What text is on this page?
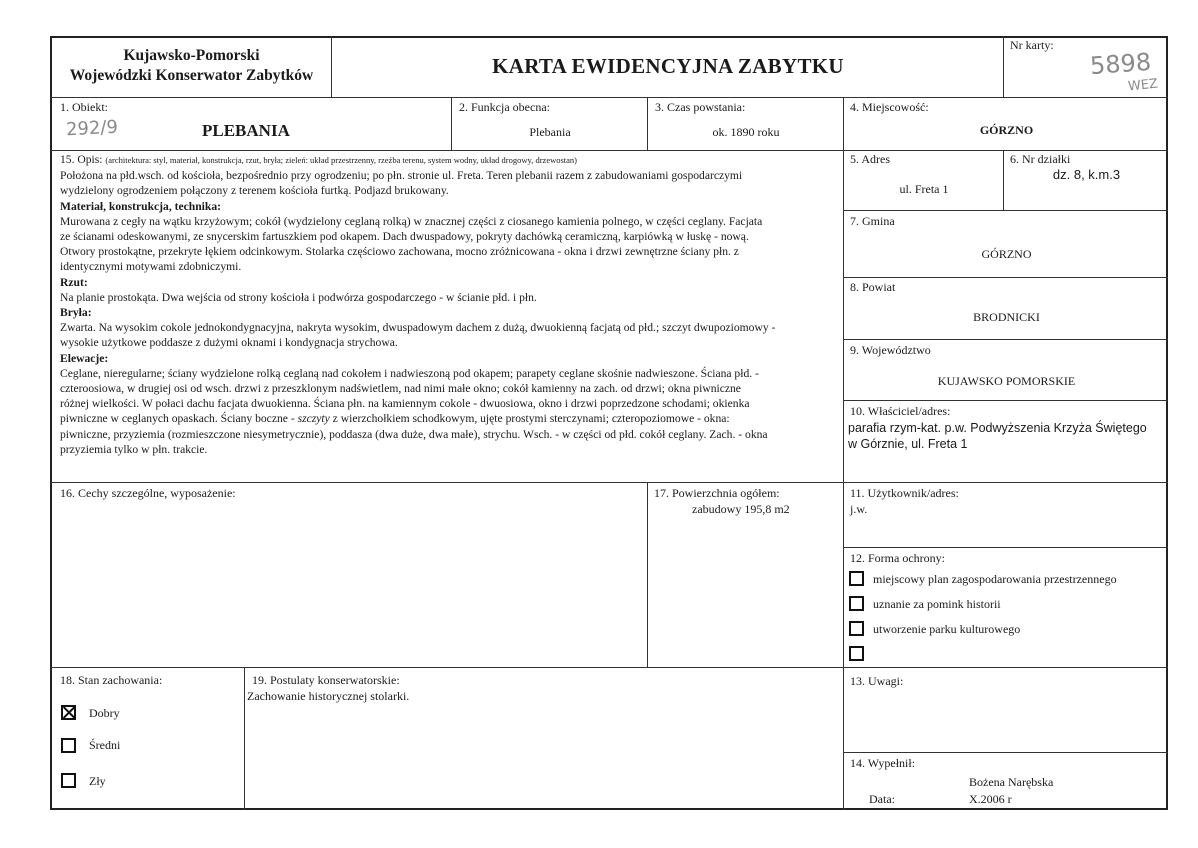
Kujawsko-Pomorski
Wojewódzki Konserwator Zabytków	KARTA EWIDENCYJNA ZABYTKU
Nr karty:
5898
WEZ
1. Obiekt:
292/9	PLEBANIA
2. Funkcja obecna:
Plebania
3. Czas powstania:
ok. 1890 roku
4. Miejscowość:
GÓRZNO
5. Adres
ul. Freta 1
6. Nr działki
dz. 8, k.m.3
7. Gmina
GÓRZNO
8. Powiat
BRODNICKI
9. Województwo
KUJAWSKO POMORSKIE
10. Właściciel/adres:
parafia rzym-kat. p.w. Podwyższenia Krzyża Świętego
w Górznie, ul. Freta 1
11. Użytkownik/adres:
j.w.
12. Forma ochrony:
miejscowy plan zagospodarowania przestrzennego
uznanie za pomink historii
utworzenie parku kulturowego
13. Uwagi:
14. Wypełnił:
Bożena Narębska
Data:	X.2006 r
15. Opis: (architektura: styl, materiał, konstrukcja, rzut, bryła; zieleń: układ przestrzenny, rzeźba terenu, system wodny, układ drogowy, drzewostan)
Położona na płd.wsch. od kościoła, bezpośrednio przy ogrodzeniu; po płn. stronie ul. Freta. Teren plebanii razem z zabudowaniami gospodarczymi
wydzielony ogrodzeniem połączony z terenem kościoła furtką. Podjazd brukowany.
Materiał, konstrukcja, technika:
Murowana z cegły na wątku krzyżowym; cokół (wydzielony ceglaną rolką) w znacznej części z ciosanego kamienia polnego, w części ceglany. Facjata
ze ścianami odeskowanymi, ze snycerskim fartuszkiem pod okapem. Dach dwuspadowy, pokryty dachówką ceramiczną, karpiówką w łuskę - nową.
Otwory prostokątne, przekryte łękiem odcinkowym. Stolarka częściowo zachowana, mocno zróżnicowana - okna i drzwi zewnętrzne ściany płn. z
identycznymi motywami zdobniczymi.
Rzut:
Na planie prostokąta. Dwa wejścia od strony kościoła i podwórza gospodarczego - w ścianie płd. i płn.
Bryła:
Zwarta. Na wysokim cokole jednokondygnacyjna, nakryta wysokim, dwuspadowym dachem z dużą, dwuokienną facjatą od płd.; szczyt dwupoziomowy -
wysokie użytkowe poddasze z dużymi oknami i kondygnacja strychowa.
Elewacje:
Ceglane, nieregularne; ściany wydzielone rolką ceglaną nad cokołem i nadwieszoną pod okapem; parapety ceglane skośnie nadwieszone. Ściana płd. -
czteroosiowa, w drugiej osi od wsch. drzwi z przeszklonym nadświetlem, nad nimi małe okno; cokół kamienny na zach. od drzwi; okna piwniczne
różnej wielkości. W połaci dachu facjata dwuokienna. Ściana płn. na kamiennym cokole - dwuosiowa, okno i drzwi poprzedzone schodami; okienka
piwniczne w ceglanych opaskach. Ściany boczne - szczyty z wierzchołkiem schodkowym, ujęte prostymi sterczynami; czteropoziomowe - okna:
piwniczne, przyziemia (rozmieszczone niesymetrycznie), poddasza (dwa duże, dwa małe), strychu. Wsch. - w części od płd. cokół ceglany. Zach. - okna
przyziemia tylko w płn. trakcie.
16. Cechy szczególne, wyposażenie:	17. Powierzchnia ogółem:
zabudowy 195,8 m2
18. Stan zachowania:
Dobry
Średni
Zły
19. Postulaty konserwatorskie:
Zachowanie historycznej stolarki.
